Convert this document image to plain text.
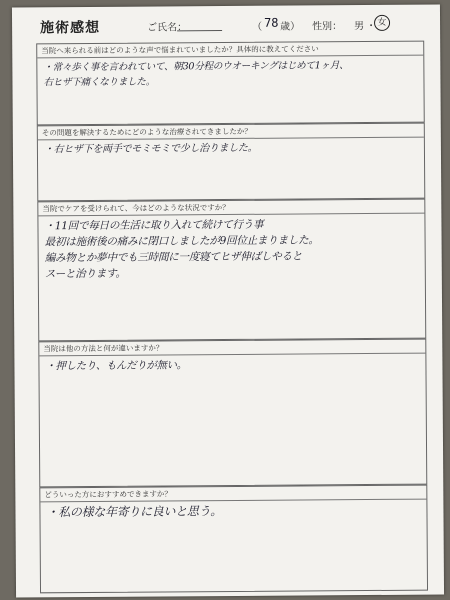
施術感想	ご氏名：	（ 78 歳） 性別： 男 ・ 女
当院へ来られる前はどのような声で悩まれていましたか？具体的に教えてください
・常々歩く事を言われていて、朝30分程のウオーキングはじめて1ヶ月、
右ヒザ下痛くなりました。
その問題を解決するためにどのような治療されてきましたか？
・右ヒザ下を両手でモミモミで少し治りました。
当院でケアを受けられて、今はどのような状況ですか？
・11回で毎日の生活に取り入れて続けて行う事
最初は施術後の痛みに閉口しましたが9回位止まりました。
編み物とか夢中でも三時間に一度寝てヒザ伸ばしやると
スーと治ります。
当院は他の方法と何が違いますか？
・押したり、もんだりが無い。
どういった方におすすめできますか？
・私の様な年寄りに良いと思う。
